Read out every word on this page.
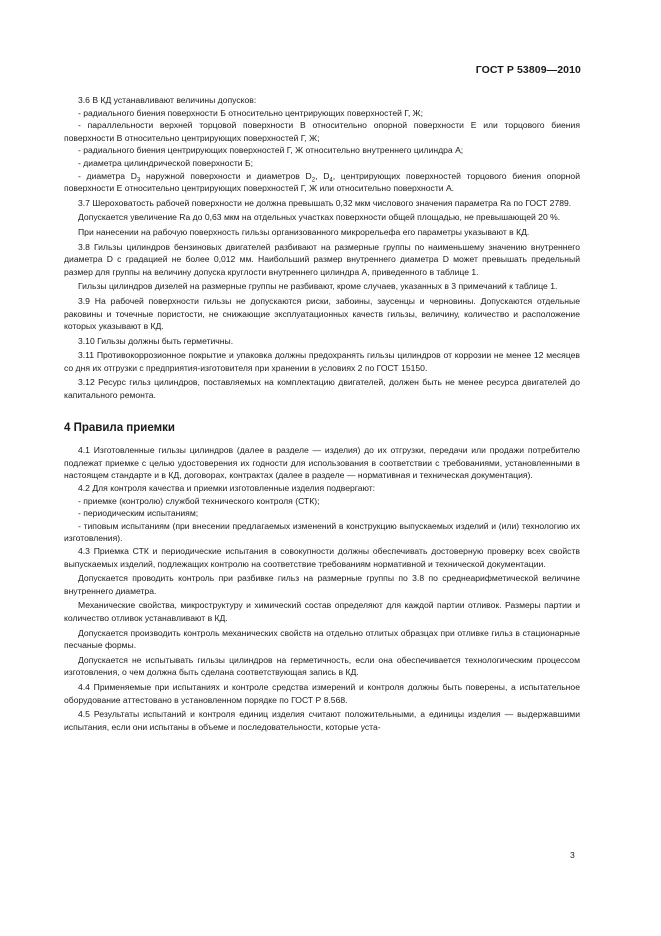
ГОСТ Р 53809—2010

3.6 В КД устанавливают величины допусков:

- радиального биения поверхности Б относительно центрирующих поверхностей Г, Ж;

- параллельности верхней торцовой поверхности В относительно опорной поверхности Е или торцового биения поверхности В относительно центрирующих поверхностей Г, Ж;

- радиального биения центрирующих поверхностей Г, Ж относительно внутреннего цилиндра А;

- диаметра цилиндрической поверхности Б;

- диаметра $D_3$ наружной поверхности и диаметров $D_2$, $D_4$, центрирующих поверхностей торцового биения опорной поверхности Е относительно центрирующих поверхностей Г, Ж или относительно поверхности А.

3.7 Шероховатость рабочей поверхности не должна превышать 0,32 мкм числового значения параметра Ra по ГОСТ 2789.

Допускается увеличение Ra до 0,63 мкм на отдельных участках поверхности общей площадью, не превышающей 20 %.

При нанесении на рабочую поверхность гильзы организованного микрорельефа его параметры указывают в КД.

3.8 Гильзы цилиндров бензиновых двигателей разбивают на размерные группы по наименьшему значению внутреннего диаметра D с градацией не более 0,012 мм. Наибольший размер внутреннего диаметра D может превышать предельный размер для группы на величину допуска круглости внутреннего цилиндра А, приведенного в таблице 1.

Гильзы цилиндров дизелей на размерные группы не разбивают, кроме случаев, указанных в 3 примечаний к таблице 1.

3.9 На рабочей поверхности гильзы не допускаются риски, забоины, заусенцы и черновины. Допускаются отдельные раковины и точечные пористости, не снижающие эксплуатационных качеств гильзы, величину, количество и расположение которых указывают в КД.

3.10 Гильзы должны быть герметичны.

3.11 Противокоррозионное покрытие и упаковка должны предохранять гильзы цилиндров от коррозии не менее 12 месяцев со дня их отгрузки с предприятия-изготовителя при хранении в условиях 2 по ГОСТ 15150.

3.12 Ресурс гильз цилиндров, поставляемых на комплектацию двигателей, должен быть не менее ресурса двигателей до капитального ремонта.

4 Правила приемки

4.1 Изготовленные гильзы цилиндров (далее в разделе — изделия) до их отгрузки, передачи или продажи потребителю подлежат приемке с целью удостоверения их годности для использования в соответствии с требованиями, установленными в настоящем стандарте и в КД, договорах, контрактах (далее в разделе — нормативная и техническая документация).

4.2 Для контроля качества и приемки изготовленные изделия подвергают:

- приемке (контролю) службой технического контроля (СТК);

- периодическим испытаниям;

- типовым испытаниям (при внесении предлагаемых изменений в конструкцию выпускаемых изделий и (или) технологию их изготовления).

4.3 Приемка СТК и периодические испытания в совокупности должны обеспечивать достоверную проверку всех свойств выпускаемых изделий, подлежащих контролю на соответствие требованиям нормативной и технической документации.

Допускается проводить контроль при разбивке гильз на размерные группы по 3.8 по среднеарифметической величине внутреннего диаметра.

Механические свойства, микроструктуру и химический состав определяют для каждой партии отливок. Размеры партии и количество отливок устанавливают в КД.

Допускается производить контроль механических свойств на отдельно отлитых образцах при отливке гильз в стационарные песчаные формы.

Допускается не испытывать гильзы цилиндров на герметичность, если она обеспечивается технологическим процессом изготовления, о чем должна быть сделана соответствующая запись в КД.

4.4 Применяемые при испытаниях и контроле средства измерений и контроля должны быть поверены, а испытательное оборудование аттестовано в установленном порядке по ГОСТ Р 8.568.

4.5 Результаты испытаний и контроля единиц изделия считают положительными, а единицы изделия — выдержавшими испытания, если они испытаны в объеме и последовательности, которые уста-

3
